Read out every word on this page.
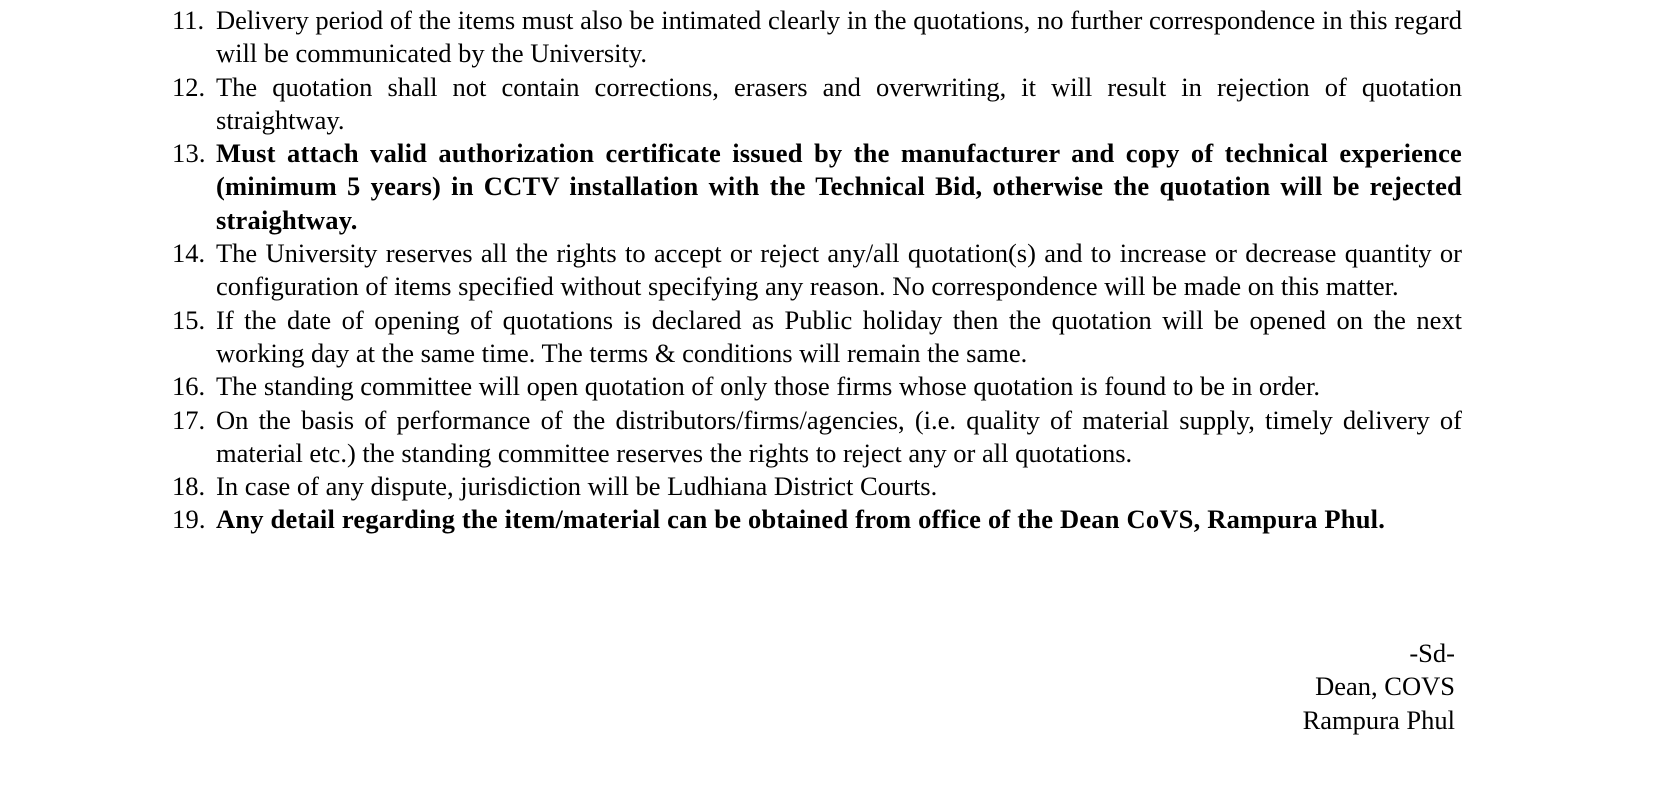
11. Delivery period of the items must also be intimated clearly in the quotations, no further correspondence in this regard will be communicated by the University.
12. The quotation shall not contain corrections, erasers and overwriting, it will result in rejection of quotation straightway.
13. Must attach valid authorization certificate issued by the manufacturer and copy of technical experience (minimum 5 years) in CCTV installation with the Technical Bid, otherwise the quotation will be rejected straightway.
14. The University reserves all the rights to accept or reject any/all quotation(s) and to increase or decrease quantity or configuration of items specified without specifying any reason. No correspondence will be made on this matter.
15. If the date of opening of quotations is declared as Public holiday then the quotation will be opened on the next working day at the same time. The terms & conditions will remain the same.
16. The standing committee will open quotation of only those firms whose quotation is found to be in order.
17. On the basis of performance of the distributors/firms/agencies, (i.e. quality of material supply, timely delivery of material etc.) the standing committee reserves the rights to reject any or all quotations.
18. In case of any dispute, jurisdiction will be Ludhiana District Courts.
19. Any detail regarding the item/material can be obtained from office of the Dean CoVS, Rampura Phul.
-Sd-
Dean, COVS
Rampura Phul
